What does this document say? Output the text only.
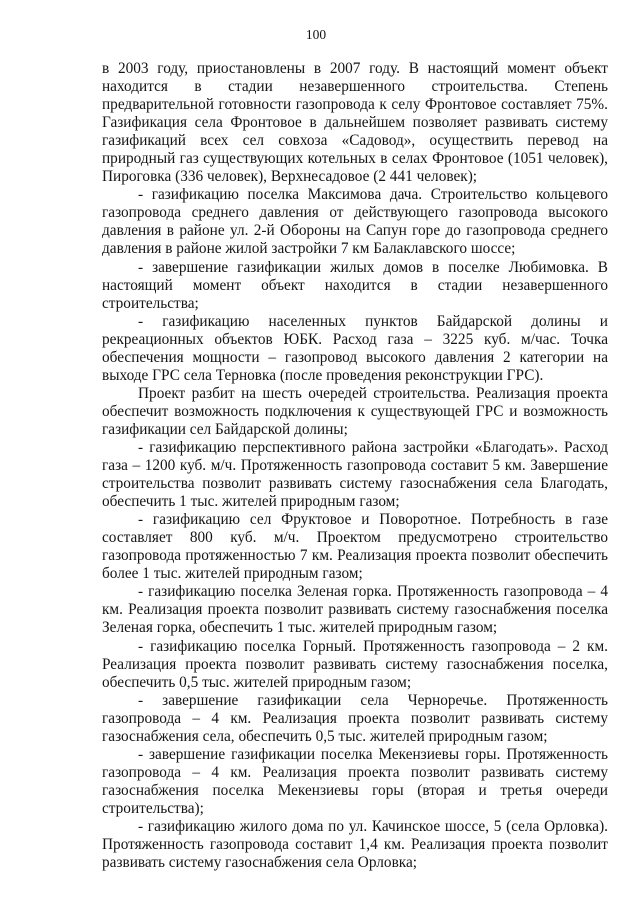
100

в 2003 году, приостановлены в 2007 году. В настоящий момент объект находится в стадии незавершенного строительства. Степень предварительной готовности газопровода к селу Фронтовое составляет 75%. Газификация села Фронтовое в дальнейшем позволяет развивать систему газификаций всех сел совхоза «Садовод», осуществить перевод на природный газ существующих котельных в селах Фронтовое (1051 человек), Пироговка (336 человек), Верхнесадовое (2 441 человек);

- газификацию поселка Максимова дача. Строительство кольцевого газопровода среднего давления от действующего газопровода высокого давления в районе ул. 2-й Обороны на Сапун горе до газопровода среднего давления в районе жилой застройки 7 км Балаклавского шоссе;

- завершение газификации жилых домов в поселке Любимовка. В настоящий момент объект находится в стадии незавершенного строительства;

- газификацию населенных пунктов Байдарской долины и рекреационных объектов ЮБК. Расход газа – 3225 куб. м/час. Точка обеспечения мощности – газопровод высокого давления 2 категории на выходе ГРС села Терновка (после проведения реконструкции ГРС).

Проект разбит на шесть очередей строительства. Реализация проекта обеспечит возможность подключения к существующей ГРС и возможность газификации сел Байдарской долины;

- газификацию перспективного района застройки «Благодать». Расход газа – 1200 куб. м/ч. Протяженность газопровода составит 5 км. Завершение строительства позволит развивать систему газоснабжения села Благодать, обеспечить 1 тыс. жителей природным газом;

- газификацию сел Фруктовое и Поворотное. Потребность в газе составляет 800 куб. м/ч. Проектом предусмотрено строительство газопровода протяженностью 7 км. Реализация проекта позволит обеспечить более 1 тыс. жителей природным газом;

- газификацию поселка Зеленая горка. Протяженность газопровода – 4 км. Реализация проекта позволит развивать систему газоснабжения поселка Зеленая горка, обеспечить 1 тыс. жителей природным газом;

- газификацию поселка Горный. Протяженность газопровода – 2 км. Реализация проекта позволит развивать систему газоснабжения поселка, обеспечить 0,5 тыс. жителей природным газом;

- завершение газификации села Черноречье. Протяженность газопровода – 4 км. Реализация проекта позволит развивать систему газоснабжения села, обеспечить 0,5 тыс. жителей природным газом;

- завершение газификации поселка Мекензиевы горы. Протяженность газопровода – 4 км. Реализация проекта позволит развивать систему газоснабжения поселка Мекензиевы горы (вторая и третья очереди строительства);

- газификацию жилого дома по ул. Качинское шоссе, 5 (села Орловка). Протяженность газопровода составит 1,4 км. Реализация проекта позволит развивать систему газоснабжения села Орловка;
